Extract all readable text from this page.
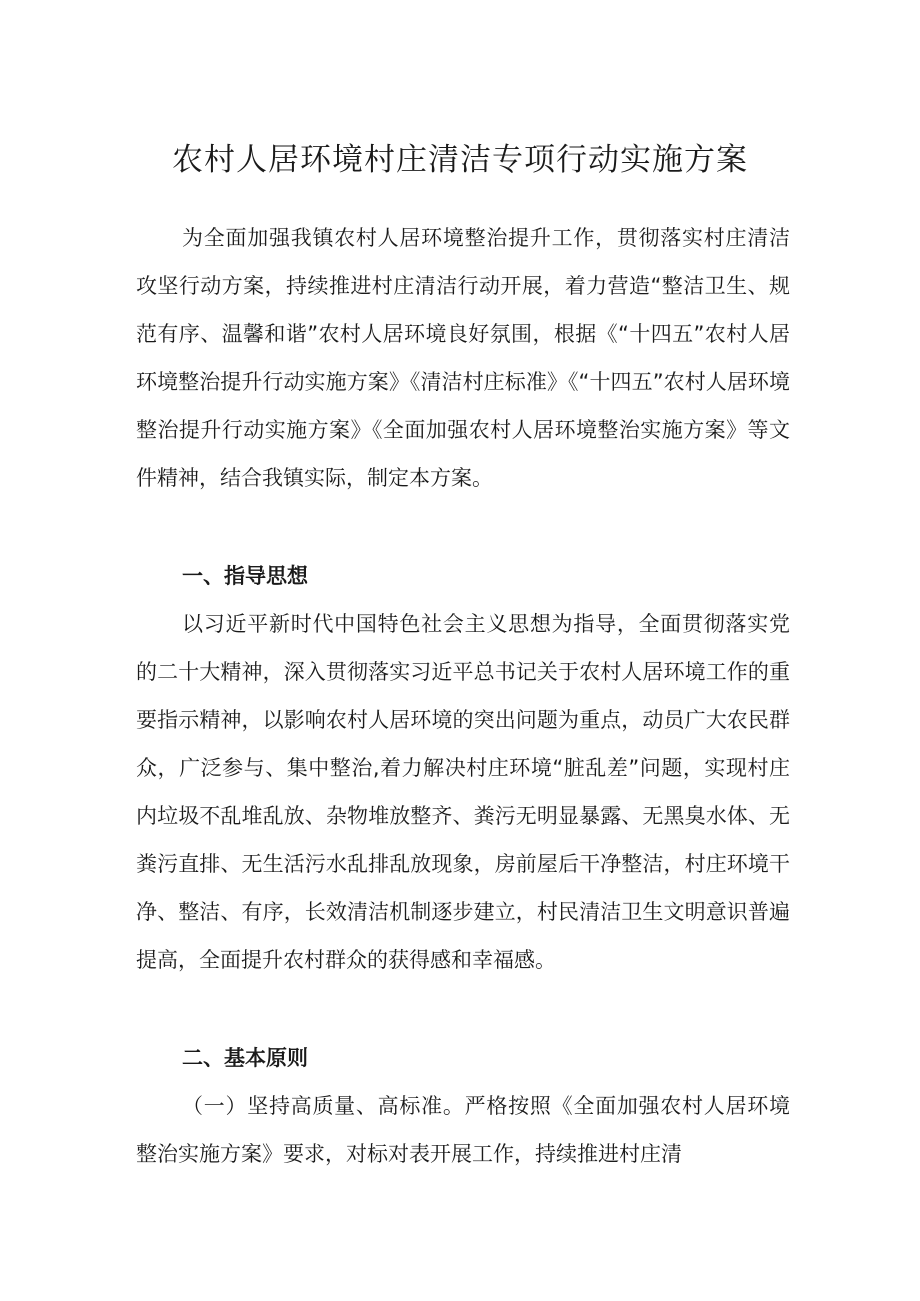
农村人居环境村庄清洁专项行动实施方案

为全面加强我镇农村人居环境整治提升工作，贯彻落实村庄清洁攻坚行动方案，持续推进村庄清洁行动开展，着力营造“整洁卫生、规范有序、温馨和谐”农村人居环境良好氛围，根据《“十四五”农村人居环境整治提升行动实施方案》《清洁村庄标准》《“十四五”农村人居环境整治提升行动实施方案》《全面加强农村人居环境整治实施方案》等文件精神，结合我镇实际，制定本方案。

一、指导思想

以习近平新时代中国特色社会主义思想为指导，全面贯彻落实党的二十大精神，深入贯彻落实习近平总书记关于农村人居环境工作的重要指示精神，以影响农村人居环境的突出问题为重点，动员广大农民群众，广泛参与、集中整治,着力解决村庄环境“脏乱差”问题，实现村庄内垃圾不乱堆乱放、杂物堆放整齐、粪污无明显暴露、无黑臭水体、无粪污直排、无生活污水乱排乱放现象，房前屋后干净整洁，村庄环境干净、整洁、有序，长效清洁机制逐步建立，村民清洁卫生文明意识普遍提高，全面提升农村群众的获得感和幸福感。

二、基本原则

（一）坚持高质量、高标准。严格按照《全面加强农村人居环境整治实施方案》要求，对标对表开展工作，持续推进村庄清
